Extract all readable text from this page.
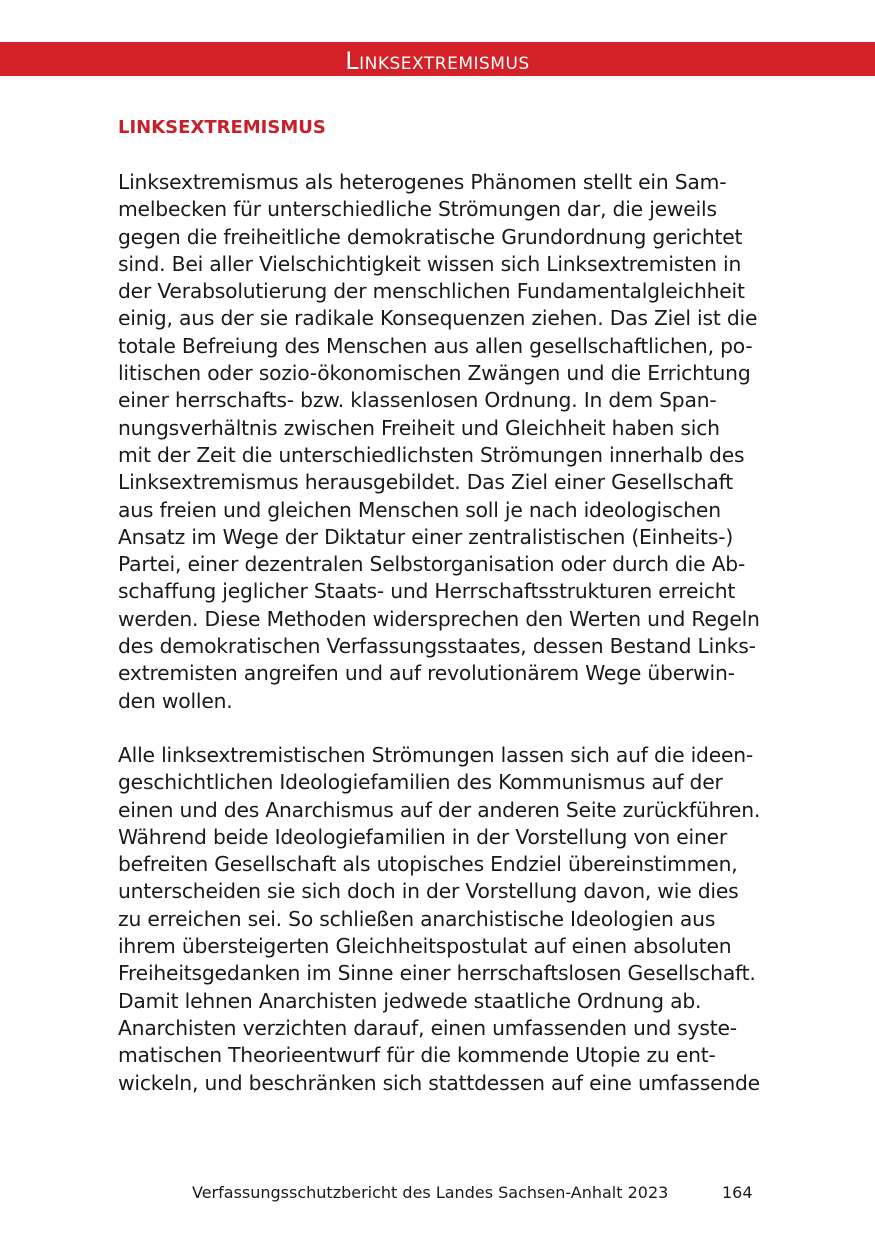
Linksextremismus
LINKSEXTREMISMUS
Linksextremismus als heterogenes Phänomen stellt ein Sam-
melbecken für unterschiedliche Strömungen dar, die jeweils
gegen die freiheitliche demokratische Grundordnung gerichtet
sind. Bei aller Vielschichtigkeit wissen sich Linksextremisten in
der Verabsolutierung der menschlichen Fundamentalgleichheit
einig, aus der sie radikale Konsequenzen ziehen. Das Ziel ist die
totale Befreiung des Menschen aus allen gesellschaftlichen, po-
litischen oder sozio-ökonomischen Zwängen und die Errichtung
einer herrschafts- bzw. klassenlosen Ordnung. In dem Span-
nungsverhältnis zwischen Freiheit und Gleichheit haben sich
mit der Zeit die unterschiedlichsten Strömungen innerhalb des
Linksextremismus herausgebildet. Das Ziel einer Gesellschaft
aus freien und gleichen Menschen soll je nach ideologischen
Ansatz im Wege der Diktatur einer zentralistischen (Einheits-)
Partei, einer dezentralen Selbstorganisation oder durch die Ab-
schaffung jeglicher Staats- und Herrschaftsstrukturen erreicht
werden. Diese Methoden widersprechen den Werten und Regeln
des demokratischen Verfassungsstaates, dessen Bestand Links-
extremisten angreifen und auf revolutionärem Wege überwin-
den wollen.
Alle linksextremistischen Strömungen lassen sich auf die ideen-
geschichtlichen Ideologiefamilien des Kommunismus auf der
einen und des Anarchismus auf der anderen Seite zurückführen.
Während beide Ideologiefamilien in der Vorstellung von einer
befreiten Gesellschaft als utopisches Endziel übereinstimmen,
unterscheiden sie sich doch in der Vorstellung davon, wie dies
zu erreichen sei. So schließen anarchistische Ideologien aus
ihrem übersteigerten Gleichheitspostulat auf einen absoluten
Freiheitsgedanken im Sinne einer herrschaftslosen Gesellschaft.
Damit lehnen Anarchisten jedwede staatliche Ordnung ab.
Anarchisten verzichten darauf, einen umfassenden und syste-
matischen Theorieentwurf für die kommende Utopie zu ent-
wickeln, und beschränken sich stattdessen auf eine umfassende
Verfassungsschutzbericht des Landes Sachsen-Anhalt 2023	164
